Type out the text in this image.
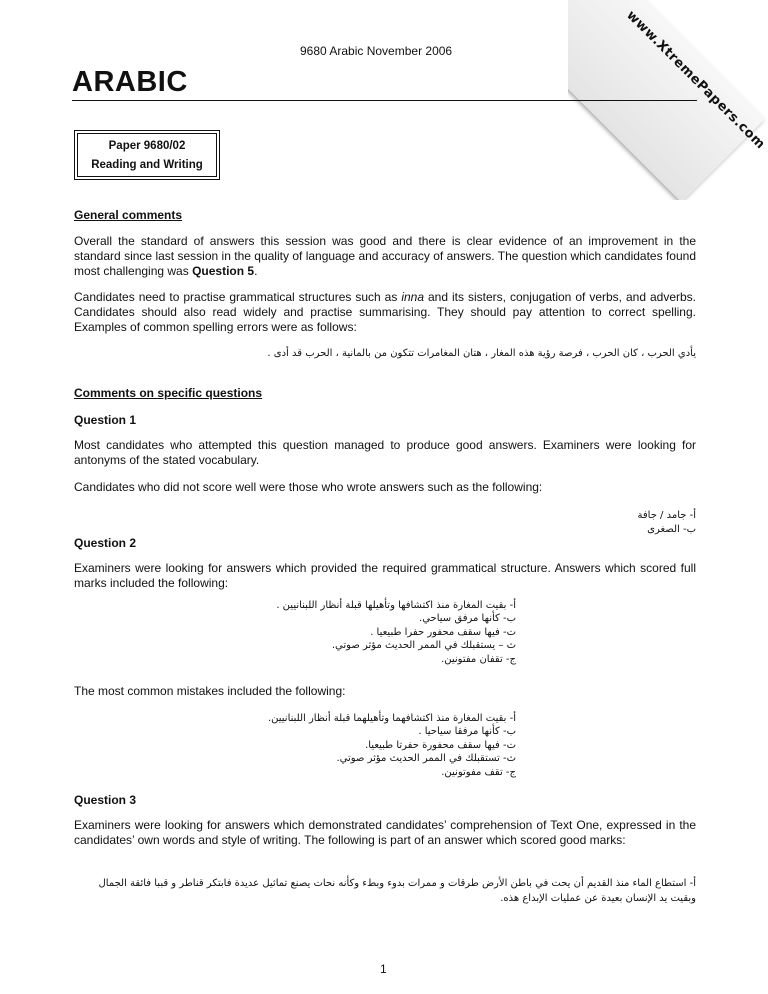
www.XtremePapers.com
9680 Arabic November 2006
ARABIC
Paper 9680/02
Reading and Writing
General comments
Overall the standard of answers this session was good and there is clear evidence of an improvement in the standard since last session in the quality of language and accuracy of answers. The question which candidates found most challenging was Question 5.
Candidates need to practise grammatical structures such as inna and its sisters, conjugation of verbs, and adverbs. Candidates should also read widely and practise summarising. They should pay attention to correct spelling. Examples of common spelling errors were as follows:
يأدي الحرب ، كان الحرب ، فرصة رؤية هذه المغار ، هتان المغامرات تتكون من بالمانية ، الحرب قد أدى .
Comments on specific questions
Question 1
Most candidates who attempted this question managed to produce good answers. Examiners were looking for antonyms of the stated vocabulary.
Candidates who did not score well were those who wrote answers such as the following:
أ- جامد / جافة
ب- الصغرى
Question 2
Examiners were looking for answers which provided the required grammatical structure. Answers which scored full marks included the following:
أ- بقيت المغارة منذ اكتشافها وتأهيلها قبلة أنظار اللبنانيين .
ب- كأنها مرفق سياحي.
ت- فيها سقف محفور حفرا طبيعيا .
ث – يستقبلك في الممر الحديث مؤثر صوتي.
ج- تقفان مفتونين.
The most common mistakes included the following:
أ- بقيت المغارة منذ اكتشافهما وتأهيلهما قبلة أنظار اللبنانيين.
ب- كأنها مرفقا سياحيا .
ت- فيها سقف محفورة حفرتا طبيعيا.
ث- تستقبلك في الممر الحديث مؤثر صوتي.
ج- تقف مفوتونين.
Question 3
Examiners were looking for answers which demonstrated candidates’ comprehension of Text One, expressed in the candidates’ own words and style of writing. The following is part of an answer which scored good marks:
أ- استطاع الماء منذ القديم أن يحت في باطن الأرض طرقات و ممرات بدوء وبطء وكأنه نحات يصنع تماثيل عديدة فابتكر قناطر و قببا فائقة الجمال وبقيت يد الإنسان بعيدة عن عمليات الإبداع هذه.
1
